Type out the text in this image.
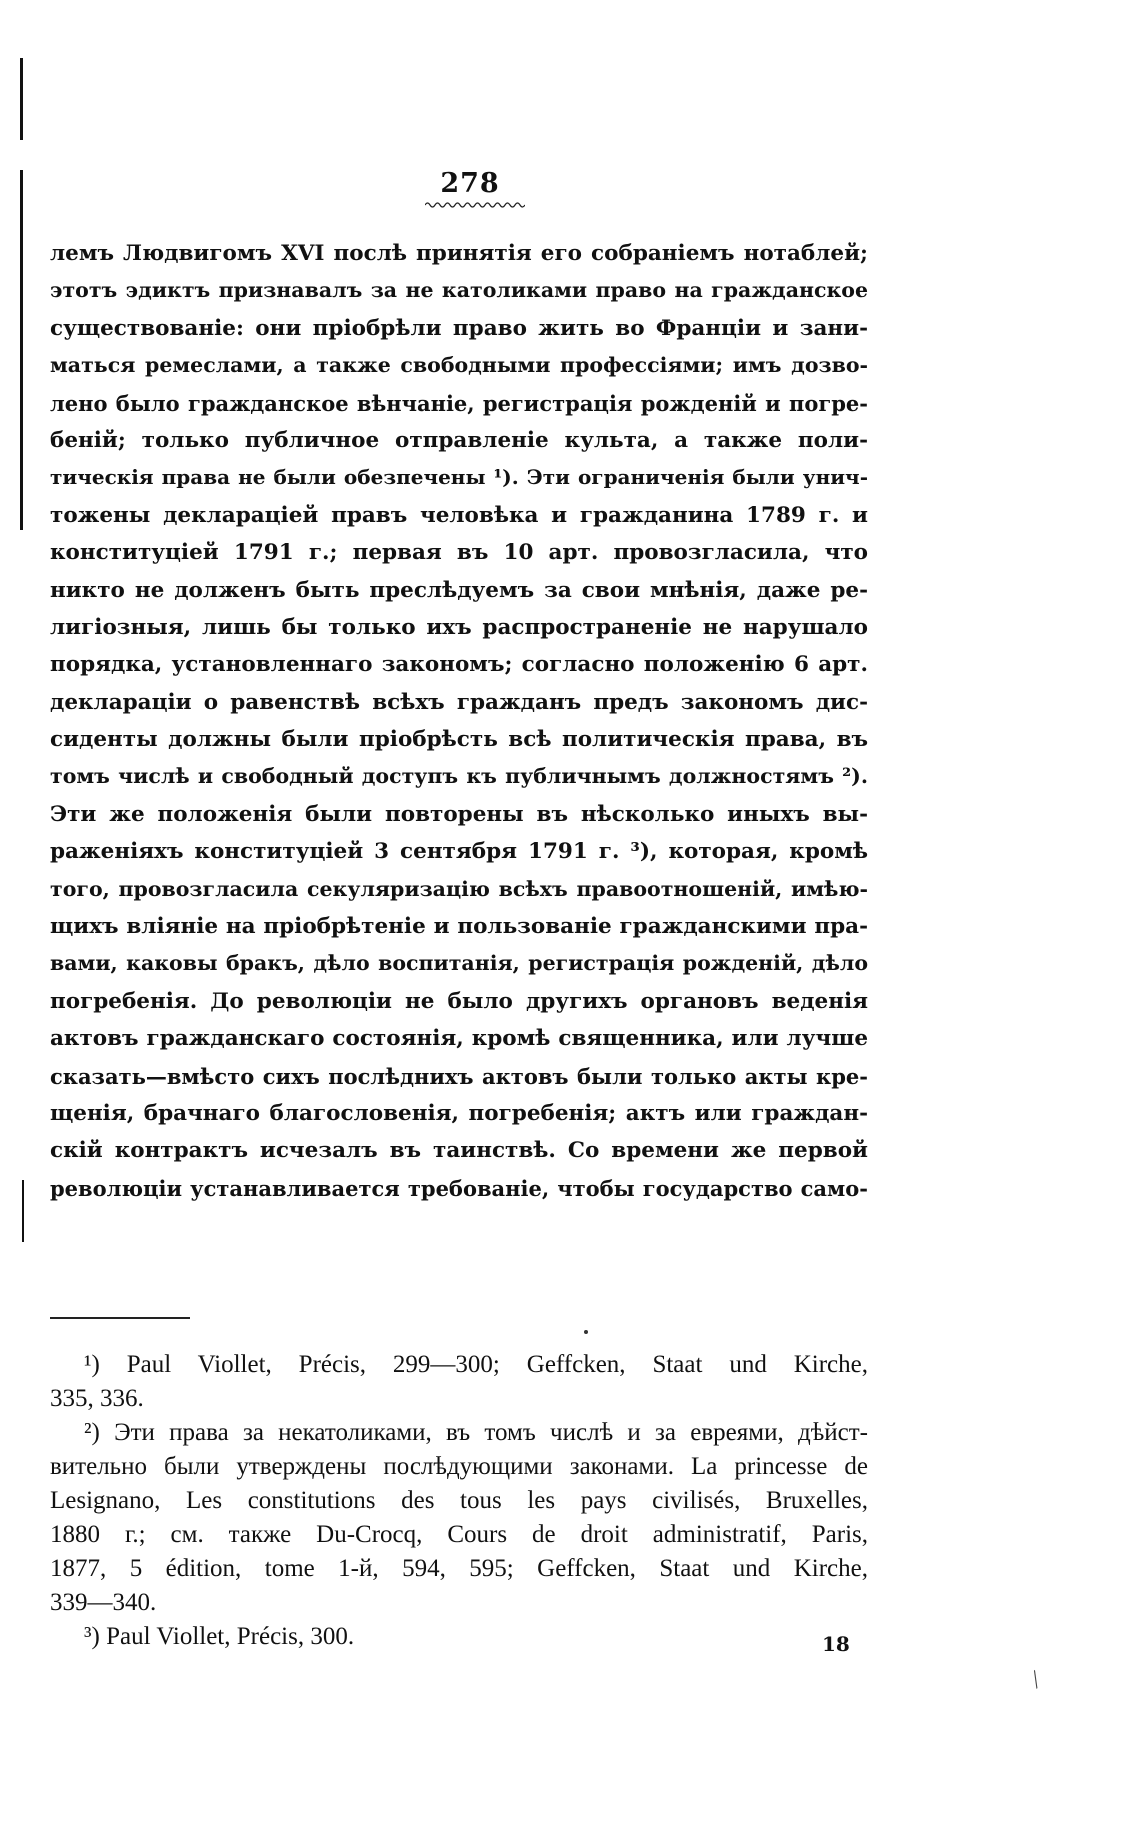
278
лемъ Людвигомъ XVI послѣ принятія его собраніемъ нотаблей;
этотъ эдиктъ признавалъ за не католиками право на гражданское
существованіе: они пріобрѣли право жить во Франціи и зани-
маться ремеслами, а также свободными профессіями; имъ дозво-
лено было гражданское вѣнчаніе, регистрація рожденій и погре-
беній; только публичное отправленіе культа, а также поли-
тическія права не были обезпечены ¹). Эти ограниченія были унич-
тожены декларацiей правъ человѣка и гражданина 1789 г. и
конституціей 1791 г.; первая въ 10 арт. провозгласила, что
никто не долженъ быть преслѣдуемъ за свои мнѣнія, даже ре-
лигіозныя, лишь бы только ихъ распространеніе не нарушало
порядка, установленнаго закономъ; согласно положенію 6 арт.
деклараціи о равенствѣ всѣхъ гражданъ предъ закономъ дис-
сиденты должны были пріобрѣсть всѣ политическія права, въ
томъ числѣ и свободный доступъ къ публичнымъ должностямъ ²).
Эти же положенія были повторены въ нѣсколько иныхъ вы-
раженіяхъ конституціей 3 сентября 1791 г. ³), которая, кромѣ
того, провозгласила секуляризацію всѣхъ правоотношеній, имѣю-
щихъ вліяніе на пріобрѣтеніе и пользованіе гражданскими пра-
вами, каковы бракъ, дѣло воспитанія, регистрація рожденій, дѣло
погребенія. До революціи не было другихъ органовъ веденія
актовъ гражданскаго состоянія, кромѣ священника, или лучше
сказать—вмѣсто сихъ послѣднихъ актовъ были только акты кре-
щенія, брачнаго благословенія, погребенія; актъ или граждан-
скій контрактъ исчезалъ въ таинствѣ. Со времени же первой
революціи устанавливается требованіе, чтобы государство само-
¹) Paul Viollet, Précis, 299—300; Geffcken, Staat und Kirche,
335, 336.
²) Эти права за некатоликами, въ томъ числѣ и за евреями, дѣйст-
вительно были утверждены послѣдующими законами. La princesse de
Lesignano, Les constitutions des tous les pays civilisés, Bruxelles,
1880 г.; см. также Du-Crocq, Cours de droit administratif, Paris,
1877, 5 édition, tome 1-й, 594, 595; Geffcken, Staat und Kirche,
339—340.
³) Paul Viollet, Précis, 300.	18
╱
